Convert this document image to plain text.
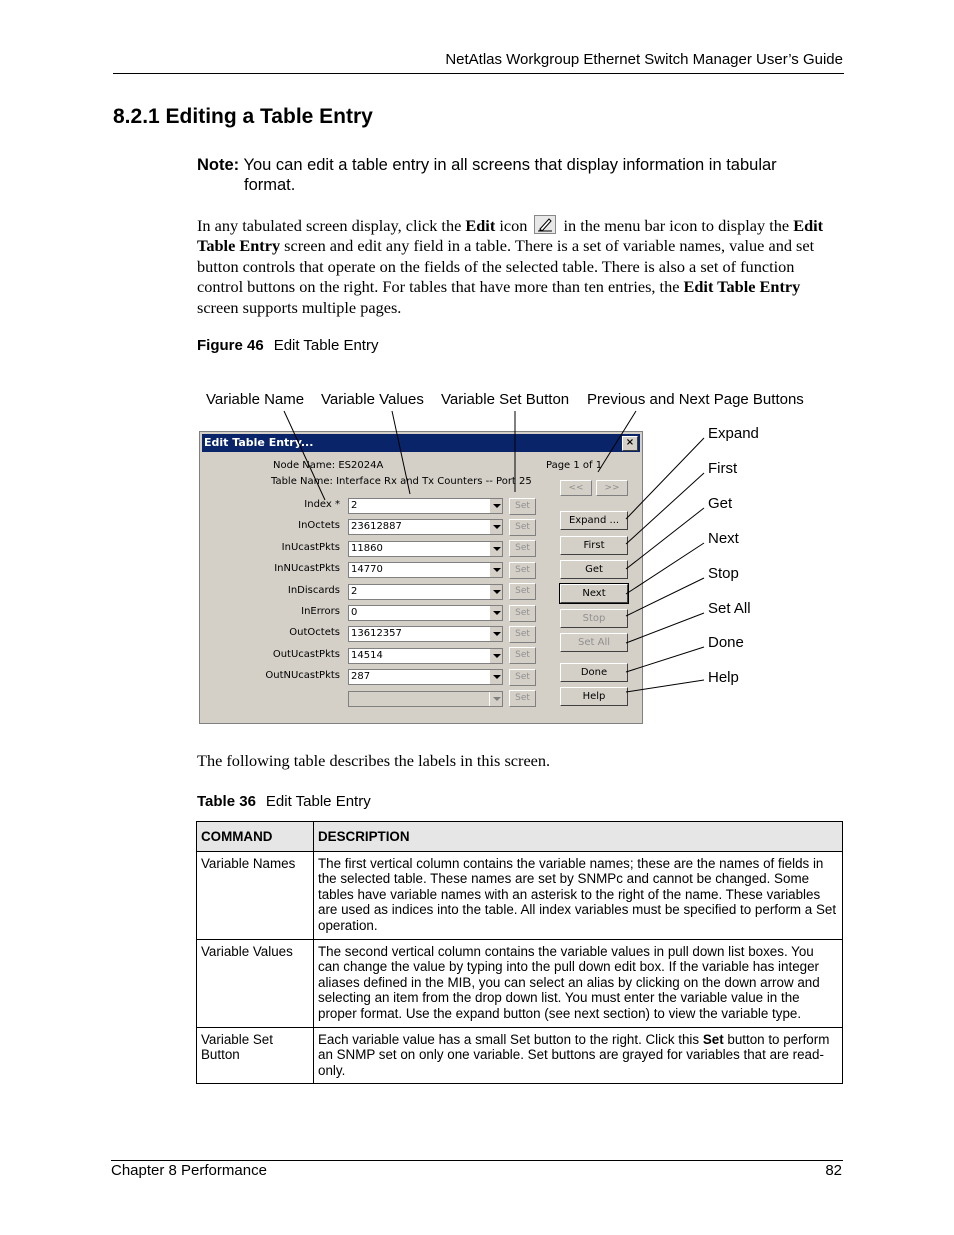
NetAtlas Workgroup Ethernet Switch Manager User’s Guide
8.2.1 Editing a Table Entry
Note: You can edit a table entry in all screens that display information in tabular
format.
In any tabulated screen display, click the Edit icon
in the menu bar icon to display the Edit Table Entry screen and edit any field in a table. There is a set of variable names, value and set button controls that operate on the fields of the selected table. There is also a set of function control buttons on the right. For tables that have more than ten entries, the Edit Table Entry screen supports multiple pages.
Figure 46 Edit Table Entry
Variable Name Variable Values Variable Set Button Previous and Next Page Buttons
Expand
First
Get
Next
Stop
Set All
Done
Help
Edit Table Entry...	×
Node Name: ES2024A
Table Name: Interface Rx and Tx Counters -- Port 25
Page 1 of 1
<<	>>
Index *	2	Set
InOctets	23612887	Set
InUcastPkts	11860	Set
InNUcastPkts	14770	Set
InDiscards	2	Set
InErrors	0	Set
OutOctets	13612357	Set
OutUcastPkts	14514	Set
OutNUcastPkts	287	Set
Set
Expand ...
First
Get
Next
Stop
Set All
Done
Help
The following table describes the labels in this screen.
Table 36 Edit Table Entry
COMMAND	DESCRIPTION
Variable Names	The first vertical column contains the variable names; these are the names of fields in the selected table. These names are set by SNMPc and cannot be changed. Some tables have variable names with an asterisk to the right of the name. These variables are used as indices into the table. All index variables must be specified to perform a Set operation.
Variable Values	The second vertical column contains the variable values in pull down list boxes. You can change the value by typing into the pull down edit box. If the variable has integer aliases defined in the MIB, you can select an alias by clicking on the down arrow and selecting an item from the drop down list. You must enter the variable value in the proper format. Use the expand button (see next section) to view the variable type.
Variable Set Button	Each variable value has a small Set button to the right. Click this Set button to perform an SNMP set on only one variable. Set buttons are grayed for variables that are read-only.
Chapter 8 Performance	82
